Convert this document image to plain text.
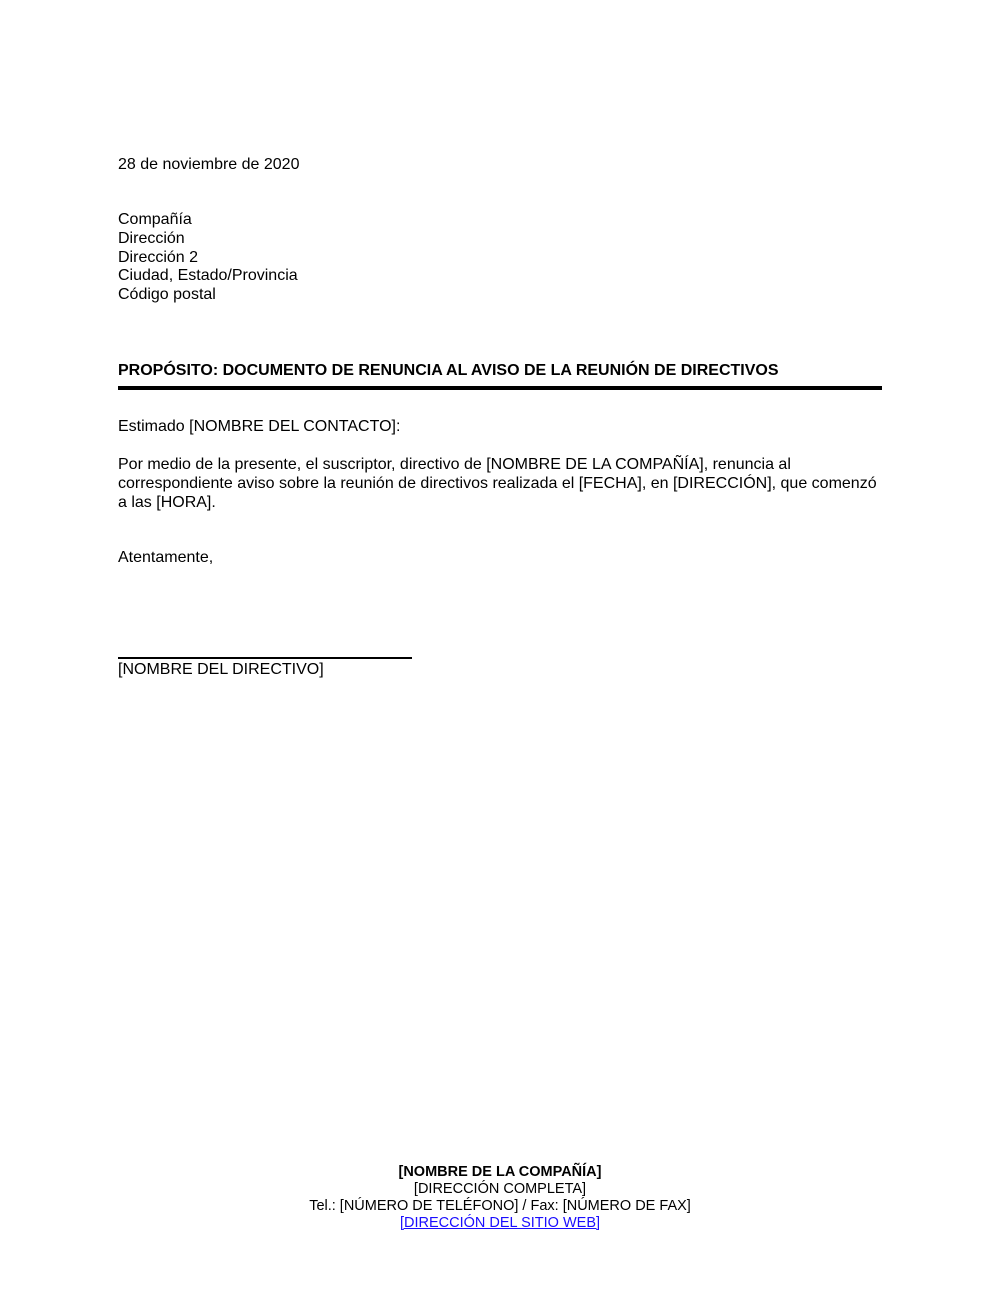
28 de noviembre de 2020
Compañía
Dirección
Dirección 2
Ciudad, Estado/Provincia
Código postal
PROPÓSITO: DOCUMENTO DE RENUNCIA AL AVISO DE LA REUNIÓN DE DIRECTIVOS
Estimado [NOMBRE DEL CONTACTO]:
Por medio de la presente, el suscriptor, directivo de [NOMBRE DE LA COMPAÑÍA], renuncia al correspondiente aviso sobre la reunión de directivos realizada el [FECHA], en [DIRECCIÓN], que comenzó a las [HORA].
Atentamente,
[NOMBRE DEL DIRECTIVO]
[NOMBRE DE LA COMPAÑÍA]
[DIRECCIÓN COMPLETA]
Tel.: [NÚMERO DE TELÉFONO] / Fax: [NÚMERO DE FAX]
[DIRECCIÓN DEL SITIO WEB]
